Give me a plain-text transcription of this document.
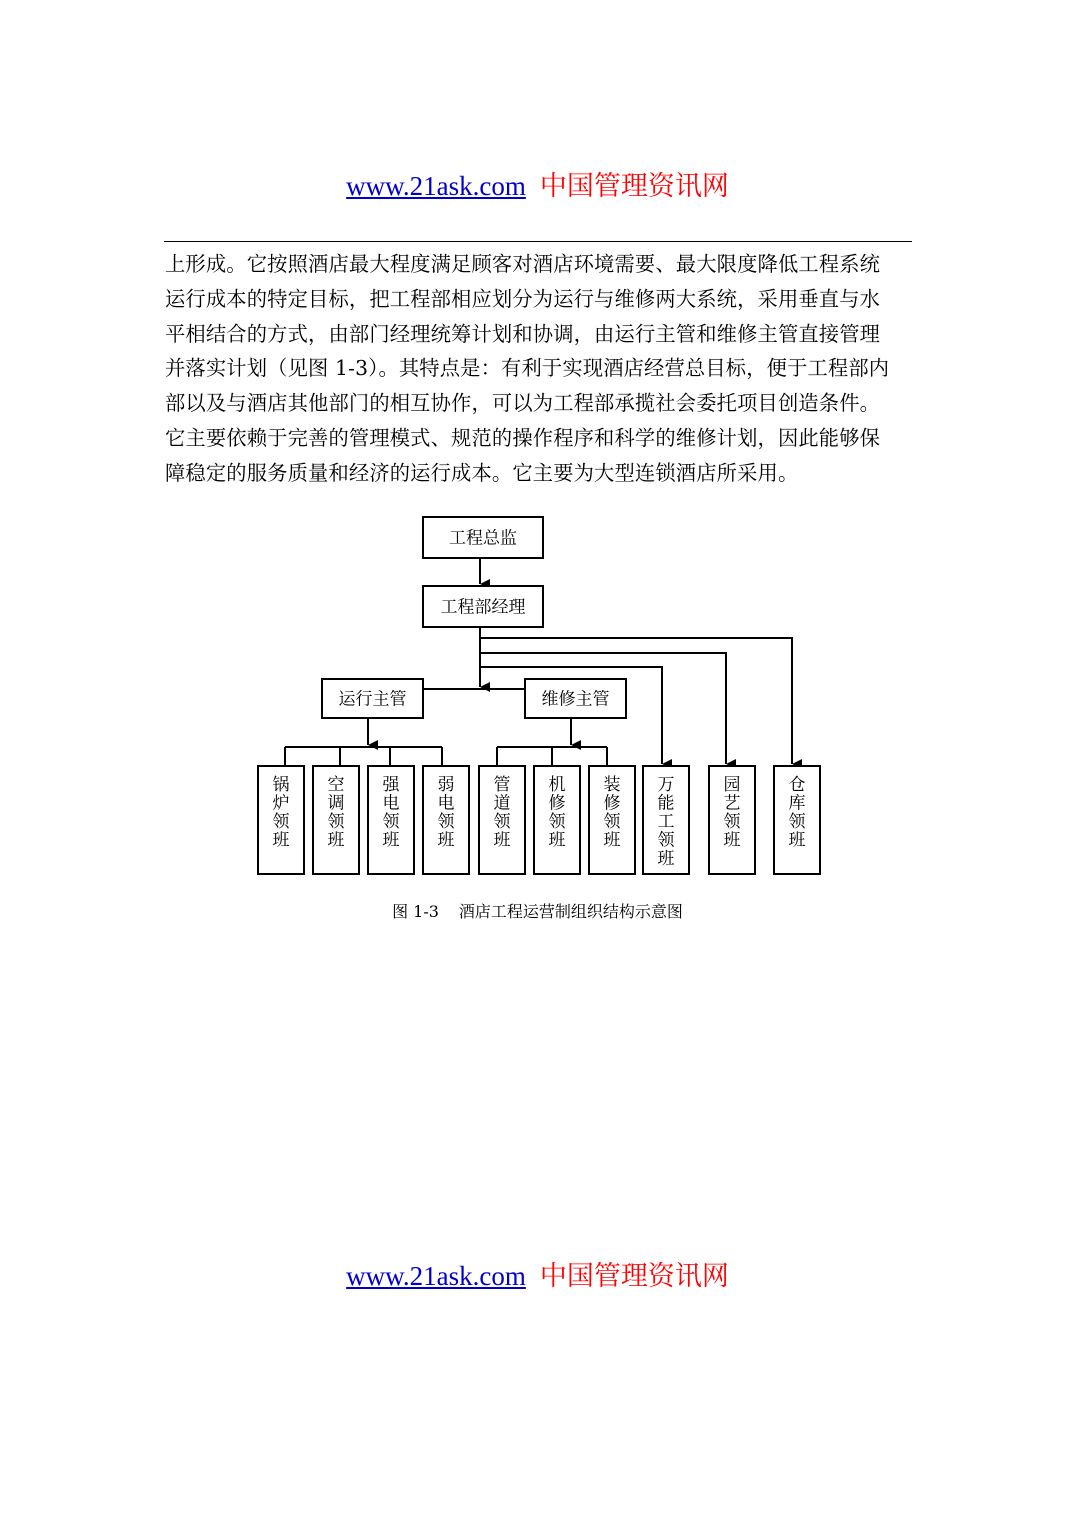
www.21ask.com 中国管理资讯网
上形成。它按照酒店最大程度满足顾客对酒店环境需要、最大限度降低工程系统
运行成本的特定目标，把工程部相应划分为运行与维修两大系统，采用垂直与水
平相结合的方式，由部门经理统筹计划和协调，由运行主管和维修主管直接管理
并落实计划（见图 1-3）。其特点是：有利于实现酒店经营总目标，便于工程部内
部以及与酒店其他部门的相互协作，可以为工程部承揽社会委托项目创造条件。
它主要依赖于完善的管理模式、规范的操作程序和科学的维修计划，因此能够保
障稳定的服务质量和经济的运行成本。它主要为大型连锁酒店所采用。
工程总监
工程部经理
运行主管	维修主管
锅
炉
领
班
空
调
领
班
强
电
领
班
弱
电
领
班
管
道
领
班
机
修
领
班
装
修
领
班
万
能
工
领
班
园
艺
领
班
仓
库
领
班
图 1-3 酒店工程运营制组织结构示意图
www.21ask.com 中国管理资讯网
